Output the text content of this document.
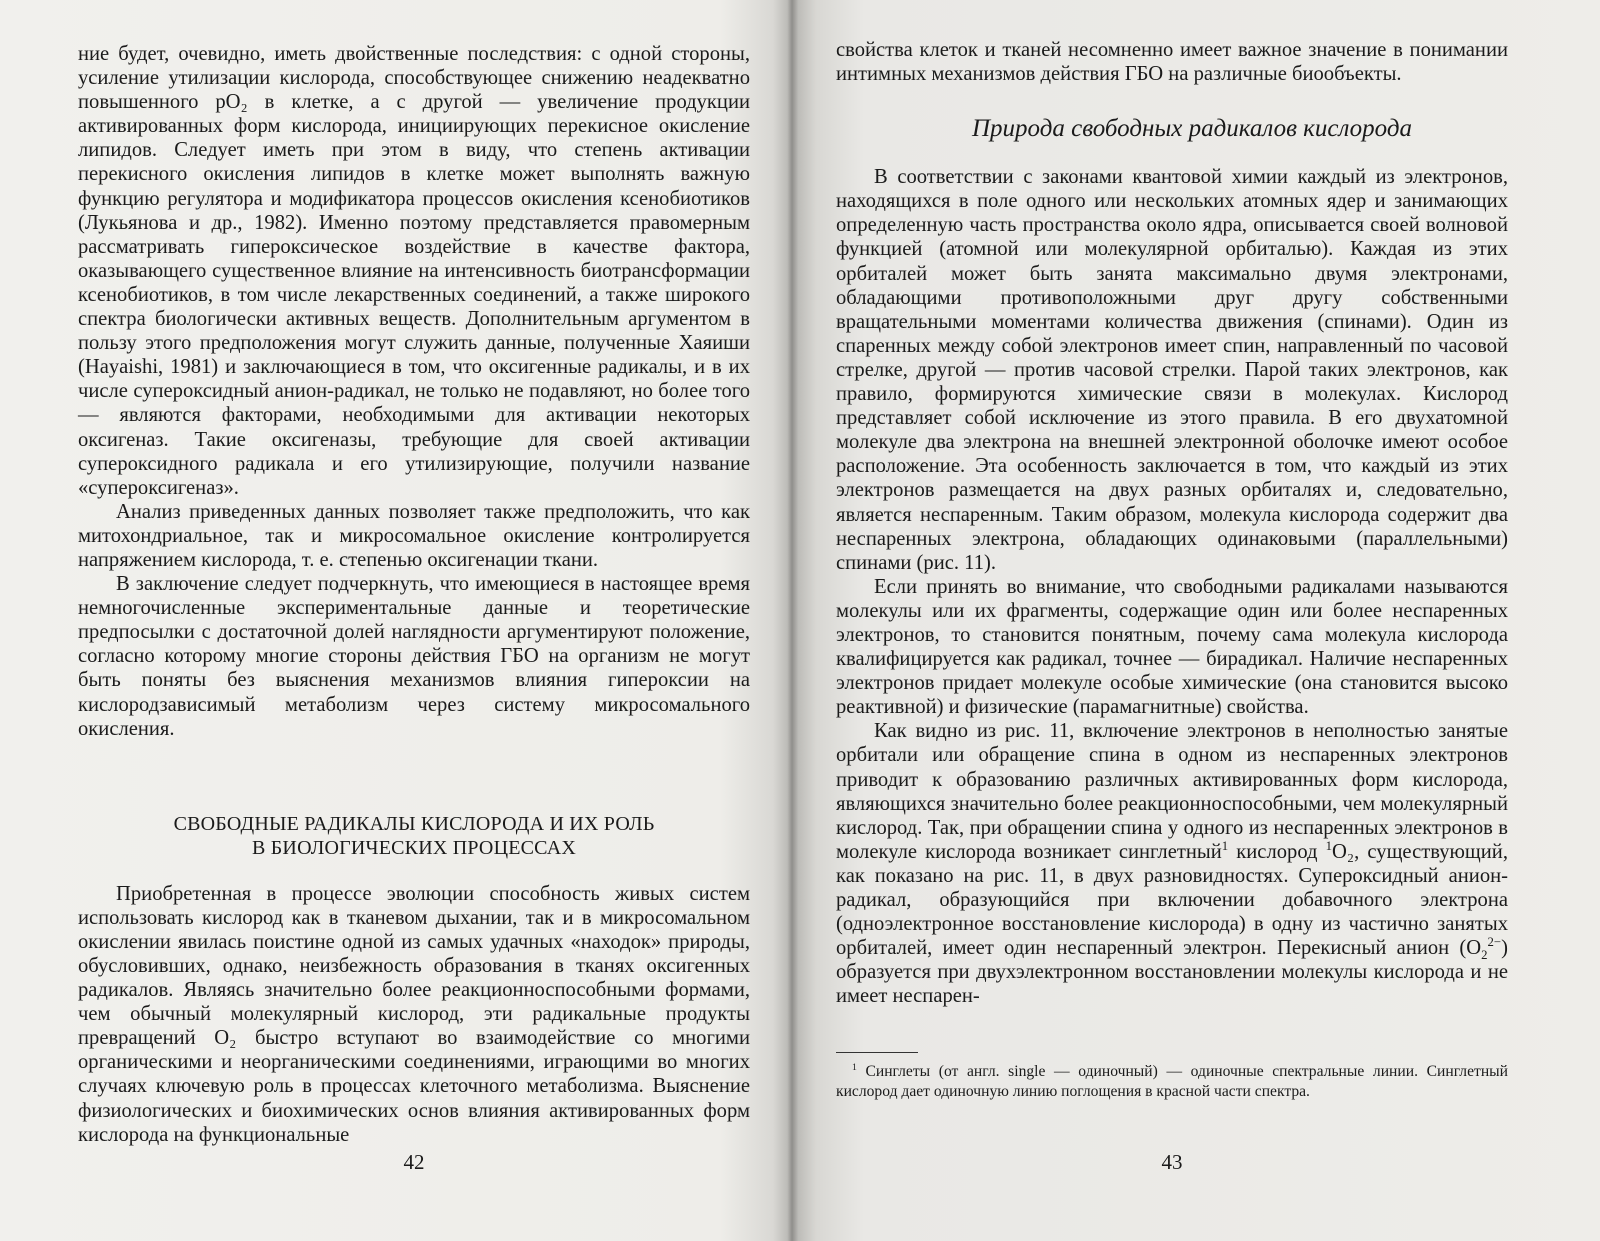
ние будет, очевидно, иметь двойственные последствия: с одной стороны, усиление утилизации кислорода, способствующее снижению неадекватно повышенного pO₂ в клетке, а с другой — увеличение продукции активированных форм кислорода, инициирующих перекисное окисление липидов. Следует иметь при этом в виду, что степень активации перекисного окисления липидов в клетке может выполнять важную функцию регулятора и модификатора процессов окисления ксенобиотиков (Лукьянова и др., 1982). Именно поэтому представляется правомерным рассматривать гипероксическое воздействие в качестве фактора, оказывающего существенное влияние на интенсивность биотрансформации ксенобиотиков, в том числе лекарственных соединений, а также широкого спектра биологически активных веществ. Дополнительным аргументом в пользу этого предположения могут служить данные, полученные Хаяиши (Hayaishi, 1981) и заключающиеся в том, что оксигенные радикалы, и в их числе супероксидный анион-радикал, не только не подавляют, но более того — являются факторами, необходимыми для активации некоторых оксигеназ. Такие оксигеназы, требующие для своей активации супероксидного радикала и его утилизирующие, получили название «супероксигеназ».

Анализ приведенных данных позволяет также предположить, что как митохондриальное, так и микросомальное окисление контролируется напряжением кислорода, т. е. степенью оксигенации ткани.

В заключение следует подчеркнуть, что имеющиеся в настоящее время немногочисленные экспериментальные данные и теоретические предпосылки с достаточной долей наглядности аргументируют положение, согласно которому многие стороны действия ГБО на организм не могут быть поняты без выяснения механизмов влияния гипероксии на кислородзависимый метаболизм через систему микросомального окисления.

СВОБОДНЫЕ РАДИКАЛЫ КИСЛОРОДА И ИХ РОЛЬ
В БИОЛОГИЧЕСКИХ ПРОЦЕССАХ

Приобретенная в процессе эволюции способность живых систем использовать кислород как в тканевом дыхании, так и в микросомальном окислении явилась поистине одной из самых удачных «находок» природы, обусловивших, однако, неизбежность образования в тканях оксигенных радикалов. Являясь значительно более реакционноспособными формами, чем обычный молекулярный кислород, эти радикальные продукты превращений O₂ быстро вступают во взаимодействие со многими органическими и неорганическими соединениями, играющими во многих случаях ключевую роль в процессах клеточного метаболизма. Выяснение физиологических и биохимических основ влияния активированных форм кислорода на функциональные

42

свойства клеток и тканей несомненно имеет важное значение в понимании интимных механизмов действия ГБО на различные биообъекты.

Природа свободных радикалов кислорода

В соответствии с законами квантовой химии каждый из электронов, находящихся в поле одного или нескольких атомных ядер и занимающих определенную часть пространства около ядра, описывается своей волновой функцией (атомной или молекулярной орбиталью). Каждая из этих орбиталей может быть занята максимально двумя электронами, обладающими противоположными друг другу собственными вращательными моментами количества движения (спинами). Один из спаренных между собой электронов имеет спин, направленный по часовой стрелке, другой — против часовой стрелки. Парой таких электронов, как правило, формируются химические связи в молекулах. Кислород представляет собой исключение из этого правила. В его двухатомной молекуле два электрона на внешней электронной оболочке имеют особое расположение. Эта особенность заключается в том, что каждый из этих электронов размещается на двух разных орбиталях и, следовательно, является неспаренным. Таким образом, молекула кислорода содержит два неспаренных электрона, обладающих одинаковыми (параллельными) спинами (рис. 11).

Если принять во внимание, что свободными радикалами называются молекулы или их фрагменты, содержащие один или более неспаренных электронов, то становится понятным, почему сама молекула кислорода квалифицируется как радикал, точнее — бирадикал. Наличие неспаренных электронов придает молекуле особые химические (она становится высоко реактивной) и физические (парамагнитные) свойства.

Как видно из рис. 11, включение электронов в неполностью занятые орбитали или обращение спина в одном из неспаренных электронов приводит к образованию различных активированных форм кислорода, являющихся значительно более реакционноспособными, чем молекулярный кислород. Так, при обращении спина у одного из неспаренных электронов в молекуле кислорода возникает синглетный$^1$ кислород $^1$O₂, существующий, как показано на рис. 11, в двух разновидностях. Супероксидный анион-радикал, образующийся при включении добавочного электрона (одноэлектронное восстановление кислорода) в одну из частично занятых орбиталей, имеет один неспаренный электрон. Перекисный анион $(O_2^{2-})$ образуется при двухэлектронном восстановлении молекулы кислорода и не имеет неспарен-

$^1$ Синглеты (от англ. single — одиночный) — одиночные спектральные линии. Синглетный кислород дает одиночную линию поглощения в красной части спектра.

43
